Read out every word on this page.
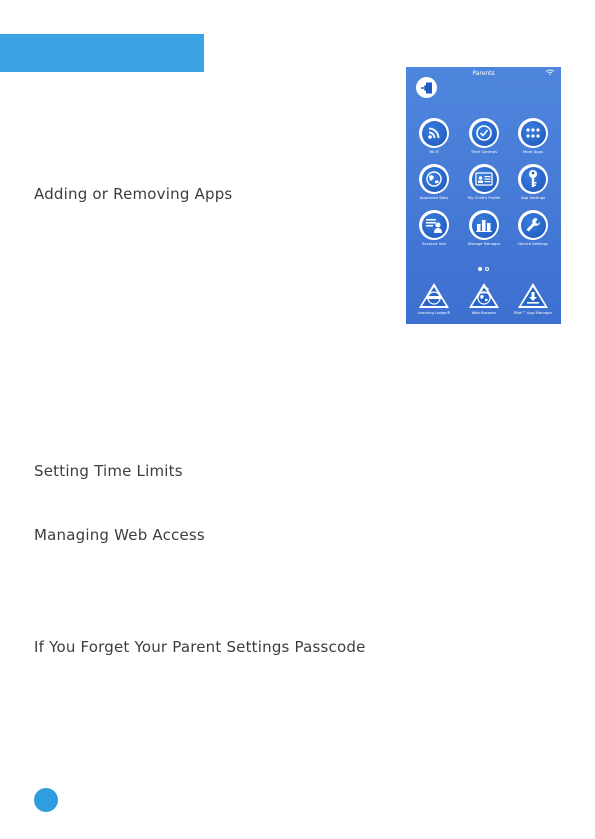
Adding or Removing Apps
Setting Time Limits
Managing Web Access
If You Forget Your Parent Settings Passcode
Parents
Wi-Fi	Time Controls	More Apps
Approved Sites	My Child's Profile	App Settings
Account Info	Storage Manager	Device Settings
Learning Lodge®	Web Browser	Pilot™ App Manager
